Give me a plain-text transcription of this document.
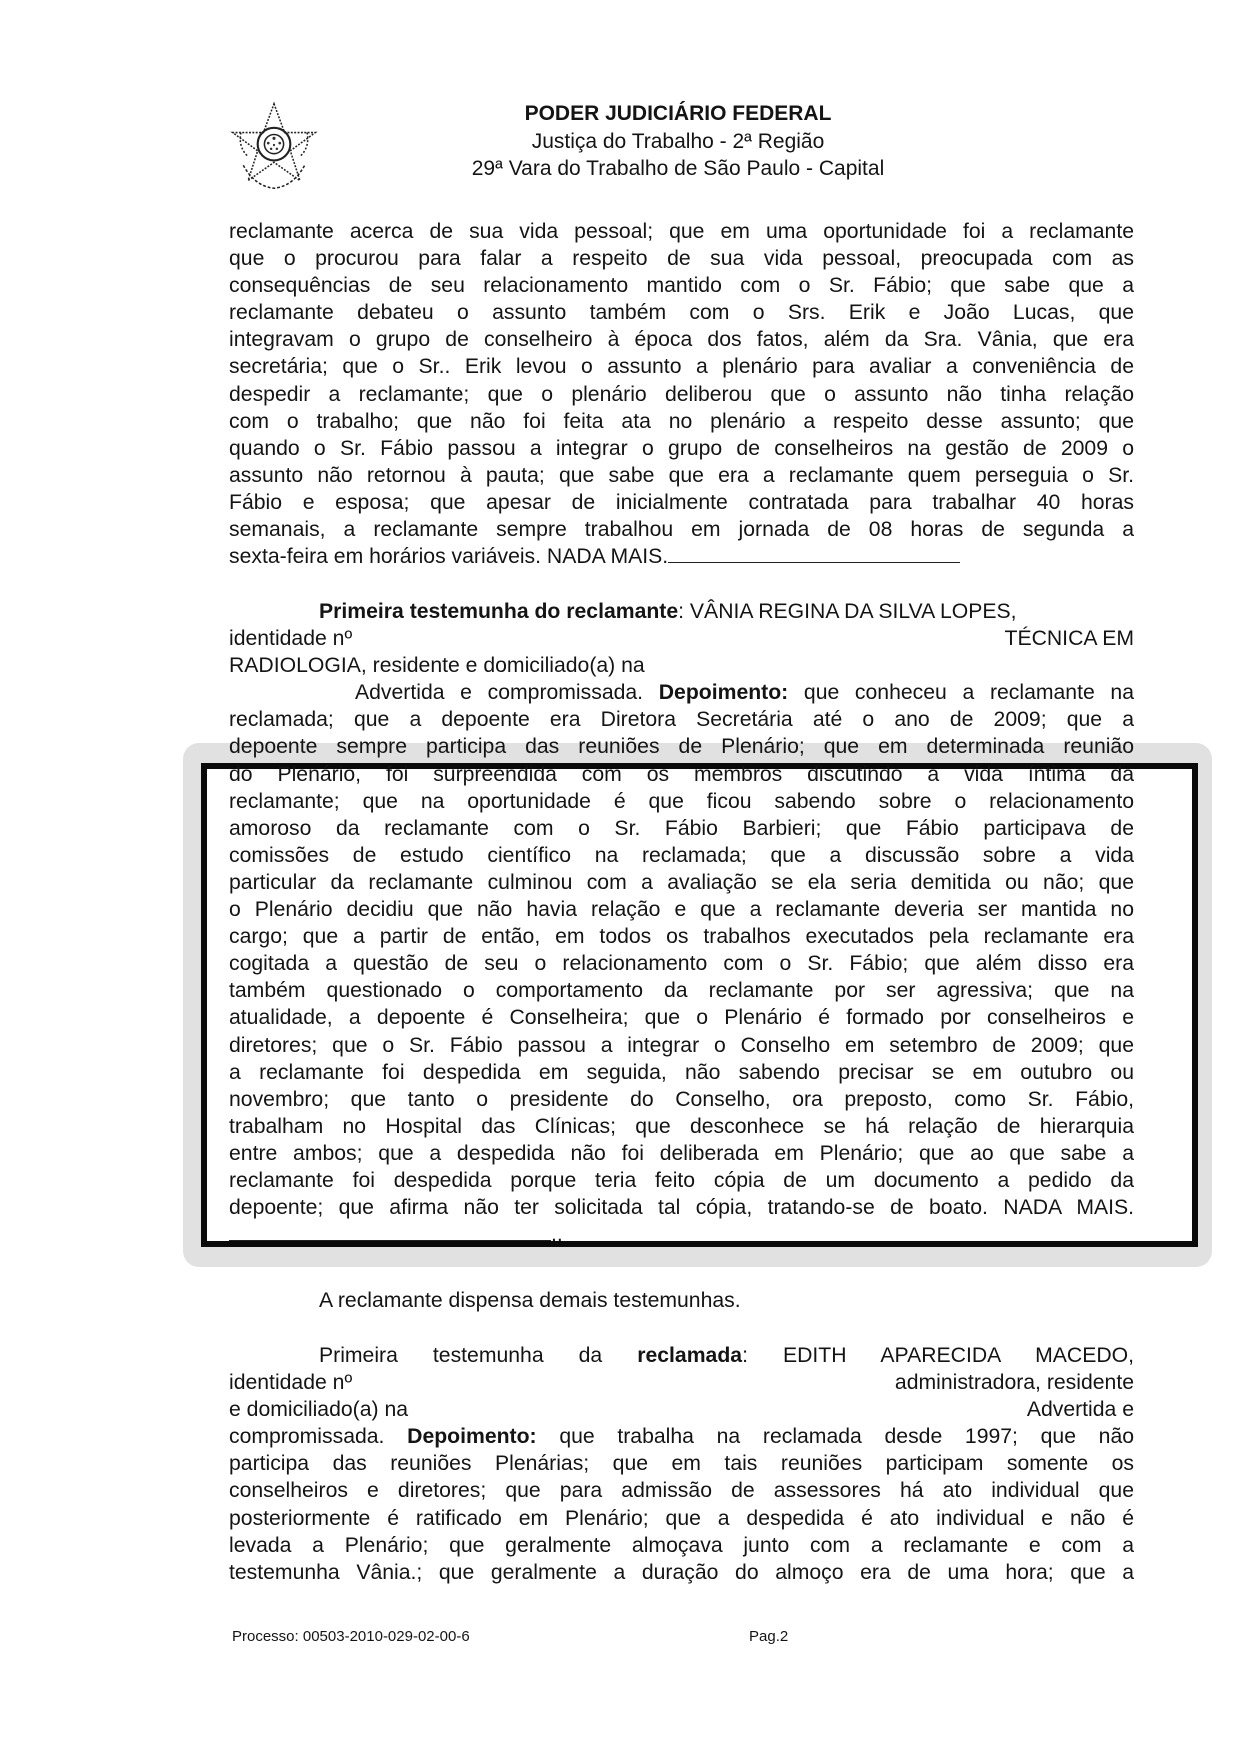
PODER JUDICIÁRIO FEDERAL
Justiça do Trabalho - 2ª Região
29ª Vara do Trabalho de São Paulo - Capital
reclamante acerca de sua vida pessoal; que em uma oportunidade foi a reclamante
que o procurou para falar a respeito de sua vida pessoal, preocupada com as
consequências de seu relacionamento mantido com o Sr. Fábio; que sabe que a
reclamante debateu o assunto também com o Srs. Erik e João Lucas, que
integravam o grupo de conselheiro à época dos fatos, além da Sra. Vânia, que era
secretária; que o Sr.. Erik levou o assunto a plenário para avaliar a conveniência de
despedir a reclamante; que o plenário deliberou que o assunto não tinha relação
com o trabalho; que não foi feita ata no plenário a respeito desse assunto; que
quando o Sr. Fábio passou a integrar o grupo de conselheiros na gestão de 2009 o
assunto não retornou à pauta; que sabe que era a reclamante quem perseguia o Sr.
Fábio e esposa; que apesar de inicialmente contratada para trabalhar 40 horas
semanais, a reclamante sempre trabalhou em jornada de 08 horas de segunda a
sexta-feira em horários variáveis. NADA MAIS.
Primeira testemunha do reclamante: VÂNIA REGINA DA SILVA LOPES,
identidade nº	TÉCNICA EM
RADIOLOGIA, residente e domiciliado(a) na
Advertida e compromissada. Depoimento: que conheceu a reclamante na
reclamada; que a depoente era Diretora Secretária até o ano de 2009; que a
depoente sempre participa das reuniões de Plenário; que em determinada reunião
do Plenário, foi surpreendida com os membros discutindo a vida íntima da
reclamante; que na oportunidade é que ficou sabendo sobre o relacionamento
amoroso da reclamante com o Sr. Fábio Barbieri; que Fábio participava de
comissões de estudo científico na reclamada; que a discussão sobre a vida
particular da reclamante culminou com a avaliação se ela seria demitida ou não; que
o Plenário decidiu que não havia relação e que a reclamante deveria ser mantida no
cargo; que a partir de então, em todos os trabalhos executados pela reclamante era
cogitada a questão de seu o relacionamento com o Sr. Fábio; que além disso era
também questionado o comportamento da reclamante por ser agressiva; que na
atualidade, a depoente é Conselheira; que o Plenário é formado por conselheiros e
diretores; que o Sr. Fábio passou a integrar o Conselho em setembro de 2009; que
a reclamante foi despedida em seguida, não sabendo precisar se em outubro ou
novembro; que tanto o presidente do Conselho, ora preposto, como Sr. Fábio,
trabalham no Hospital das Clínicas; que desconhece se há relação de hierarquia
entre ambos; que a despedida não foi deliberada em Plenário; que ao que sabe a
reclamante foi despedida porque teria feito cópia de um documento a pedido da
depoente; que afirma não ter solicitada tal cópia, tratando-se de boato. NADA MAIS.
..
A reclamante dispensa demais testemunhas.
Primeira testemunha da reclamada: EDITH APARECIDA MACEDO,
identidade nº	administradora, residente
e domiciliado(a) na	Advertida e
compromissada. Depoimento: que trabalha na reclamada desde 1997; que não
participa das reuniões Plenárias; que em tais reuniões participam somente os
conselheiros e diretores; que para admissão de assessores há ato individual que
posteriormente é ratificado em Plenário; que a despedida é ato individual e não é
levada a Plenário; que geralmente almoçava junto com a reclamante e com a
testemunha Vânia.; que geralmente a duração do almoço era de uma hora; que a
Processo: 00503-2010-029-02-00-6	Pag.2
